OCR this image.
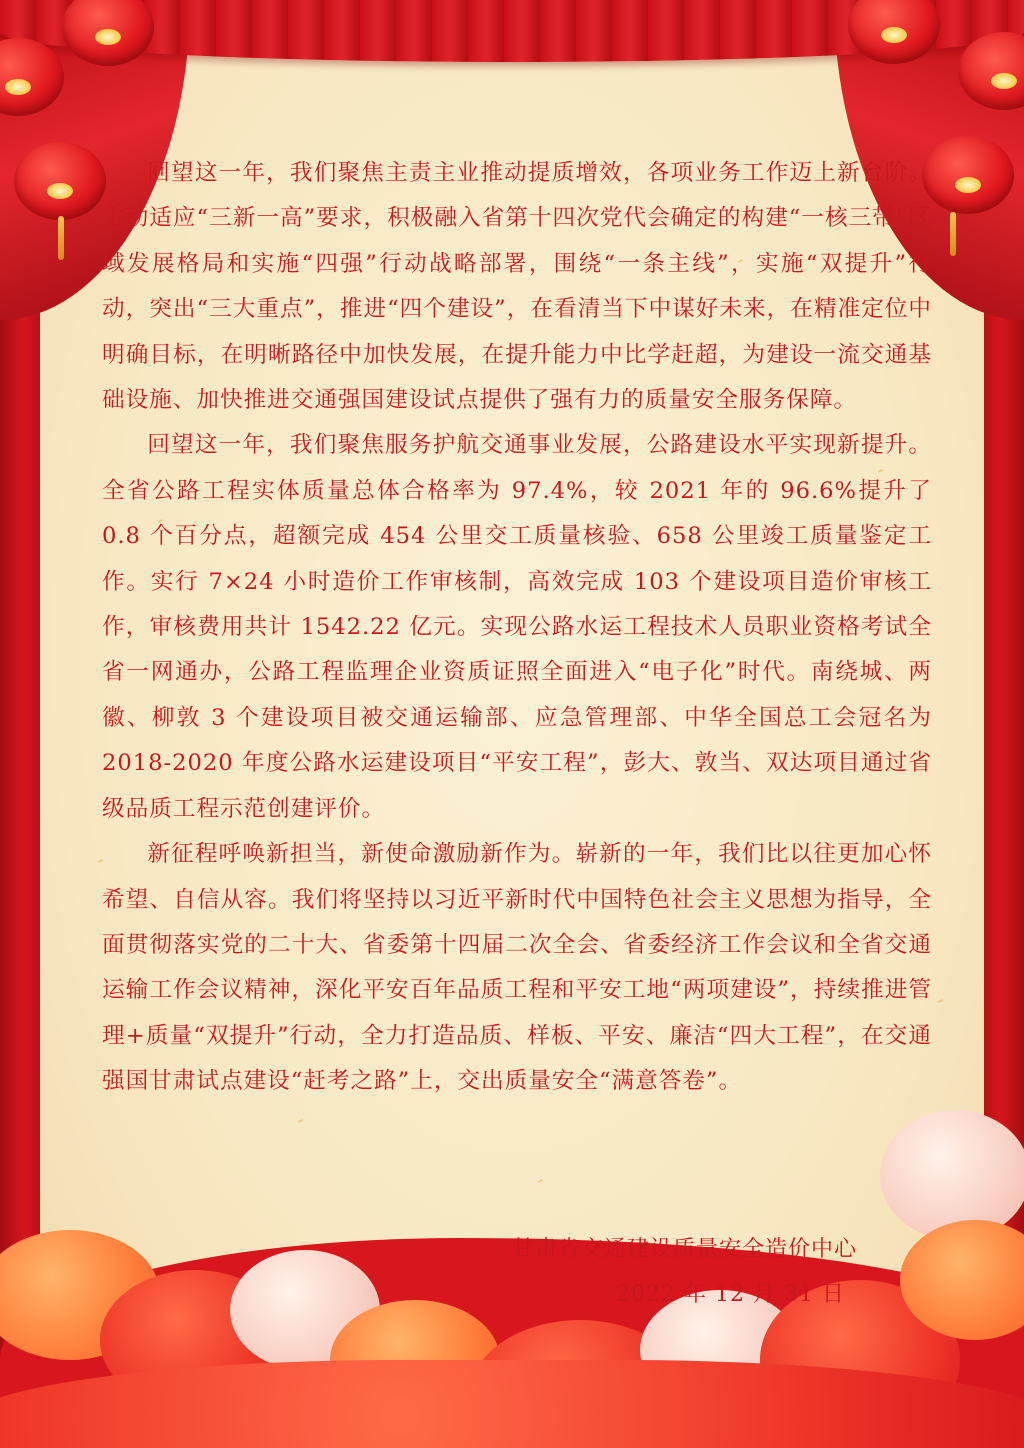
回望这一年，我们聚焦主责主业推动提质增效，各项业务工作迈上新台阶。主动适应“三新一高”要求，积极融入省第十四次党代会确定的构建“一核三带”区域发展格局和实施“四强”行动战略部署，围绕“一条主线”，实施“双提升”行动，突出“三大重点”，推进“四个建设”，在看清当下中谋好未来，在精准定位中明确目标，在明晰路径中加快发展，在提升能力中比学赶超，为建设一流交通基础设施、加快推进交通强国建设试点提供了强有力的质量安全服务保障。

回望这一年，我们聚焦服务护航交通事业发展，公路建设水平实现新提升。全省公路工程实体质量总体合格率为 97.4%，较 2021 年的 96.6%提升了 0.8 个百分点，超额完成 454 公里交工质量核验、658 公里竣工质量鉴定工作。实行 7×24 小时造价工作审核制，高效完成 103 个建设项目造价审核工作，审核费用共计 1542.22 亿元。实现公路水运工程技术人员职业资格考试全省一网通办，公路工程监理企业资质证照全面进入“电子化”时代。南绕城、两徽、柳敦 3 个建设项目被交通运输部、应急管理部、中华全国总工会冠名为 2018-2020 年度公路水运建设项目“平安工程”，彭大、敦当、双达项目通过省级品质工程示范创建评价。

新征程呼唤新担当，新使命激励新作为。崭新的一年，我们比以往更加心怀希望、自信从容。我们将坚持以习近平新时代中国特色社会主义思想为指导，全面贯彻落实党的二十大、省委第十四届二次全会、省委经济工作会议和全省交通运输工作会议精神，深化平安百年品质工程和平安工地“两项建设”，持续推进管理+质量“双提升”行动，全力打造品质、样板、平安、廉洁“四大工程”，在交通强国甘肃试点建设“赶考之路”上，交出质量安全“满意答卷”。

甘肃省交通建设质量安全造价中心
2022 年 12 月 31 日
